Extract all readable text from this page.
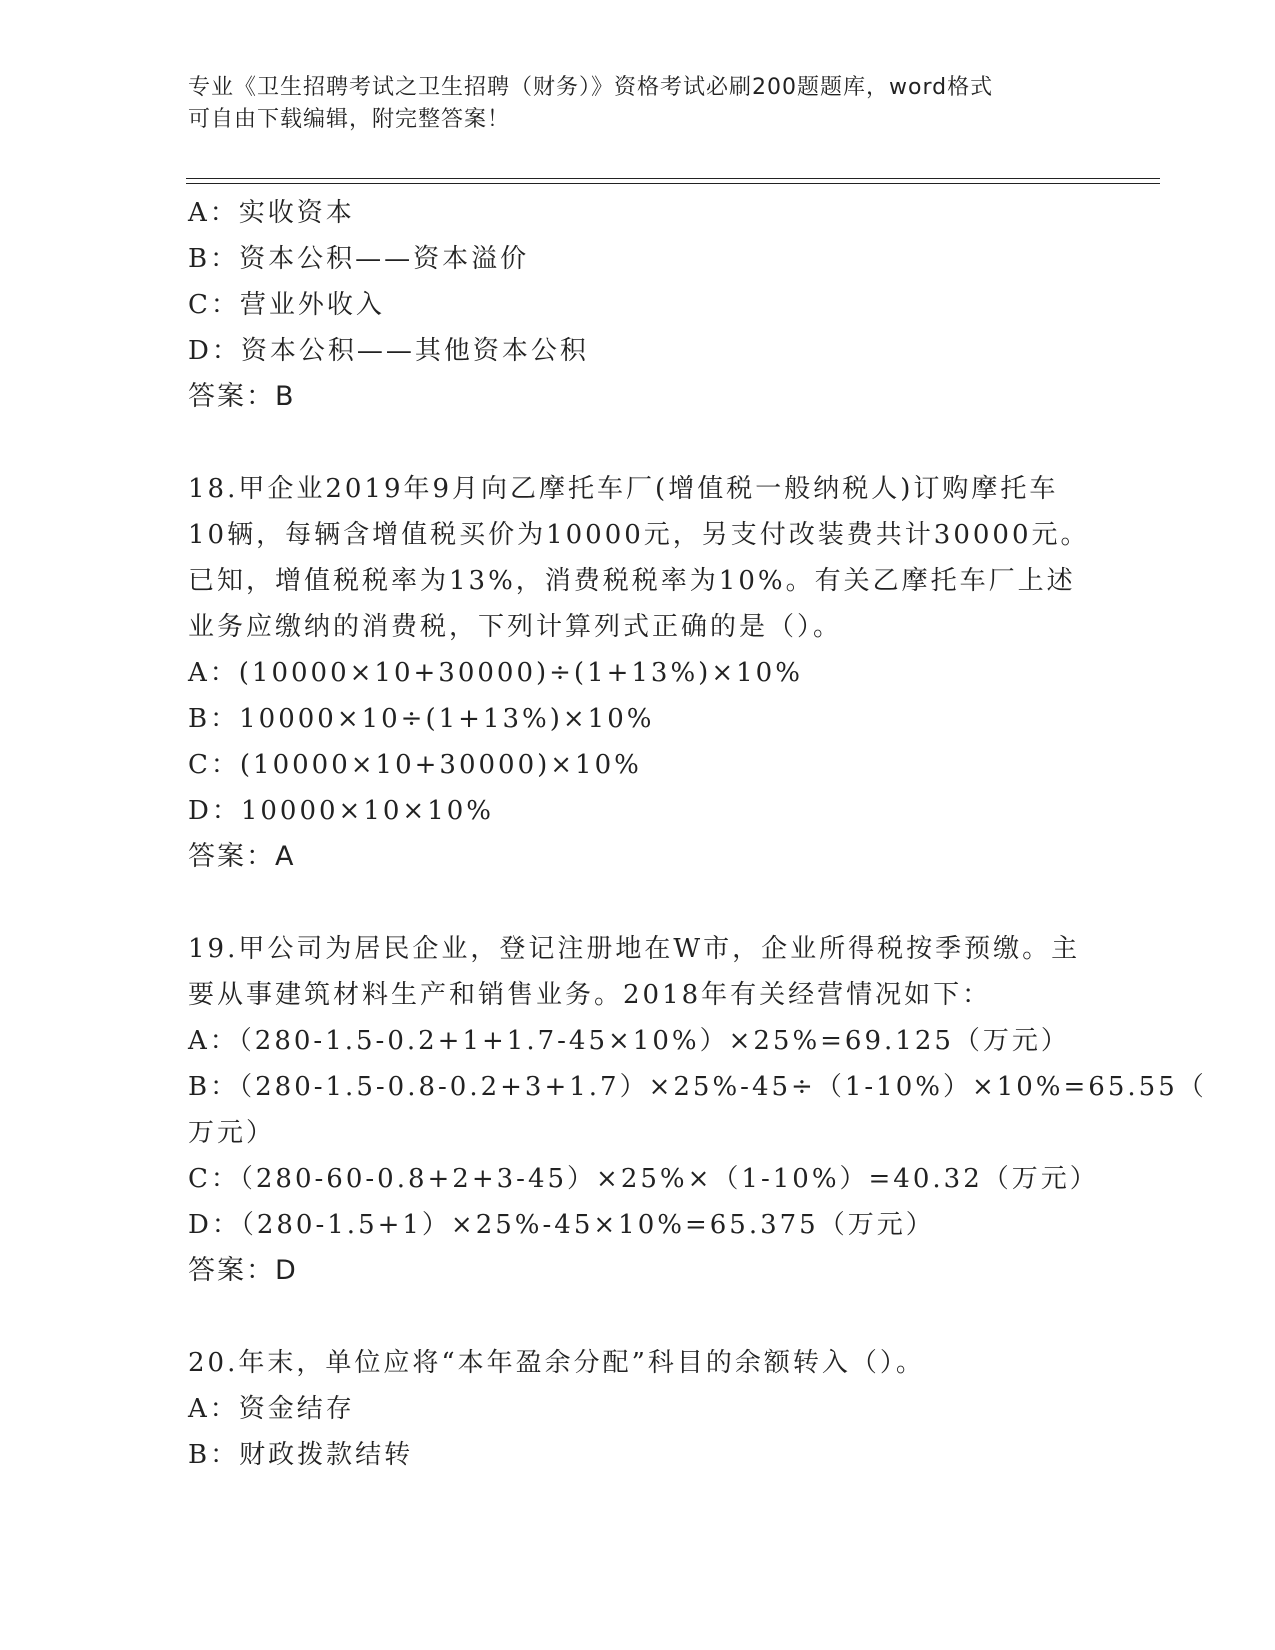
专业《卫生招聘考试之卫生招聘（财务）》资格考试必刷200题题库，word格式
可自由下载编辑，附完整答案！
A：实收资本
B：资本公积——资本溢价
C：营业外收入
D：资本公积——其他资本公积
答案：B
18.甲企业2019年9月向乙摩托车厂(增值税一般纳税人)订购摩托车
10辆，每辆含增值税买价为10000元，另支付改装费共计30000元。
已知，增值税税率为13%，消费税税率为10%。有关乙摩托车厂上述
业务应缴纳的消费税，下列计算列式正确的是（）。
A：(10000×10+30000)÷(1+13%)×10%
B：10000×10÷(1+13%)×10%
C：(10000×10+30000)×10%
D：10000×10×10%
答案：A
19.甲公司为居民企业，登记注册地在W市，企业所得税按季预缴。主
要从事建筑材料生产和销售业务。2018年有关经营情况如下：
A：（280-1.5-0.2+1+1.7-45×10%）×25%=69.125（万元）
B：（280-1.5-0.8-0.2+3+1.7）×25%-45÷（1-10%）×10%=65.55（
万元）
C：（280-60-0.8+2+3-45）×25%×（1-10%）=40.32（万元）
D：（280-1.5+1）×25%-45×10%=65.375（万元）
答案：D
20.年末，单位应将“本年盈余分配”科目的余额转入（）。
A：资金结存
B：财政拨款结转
